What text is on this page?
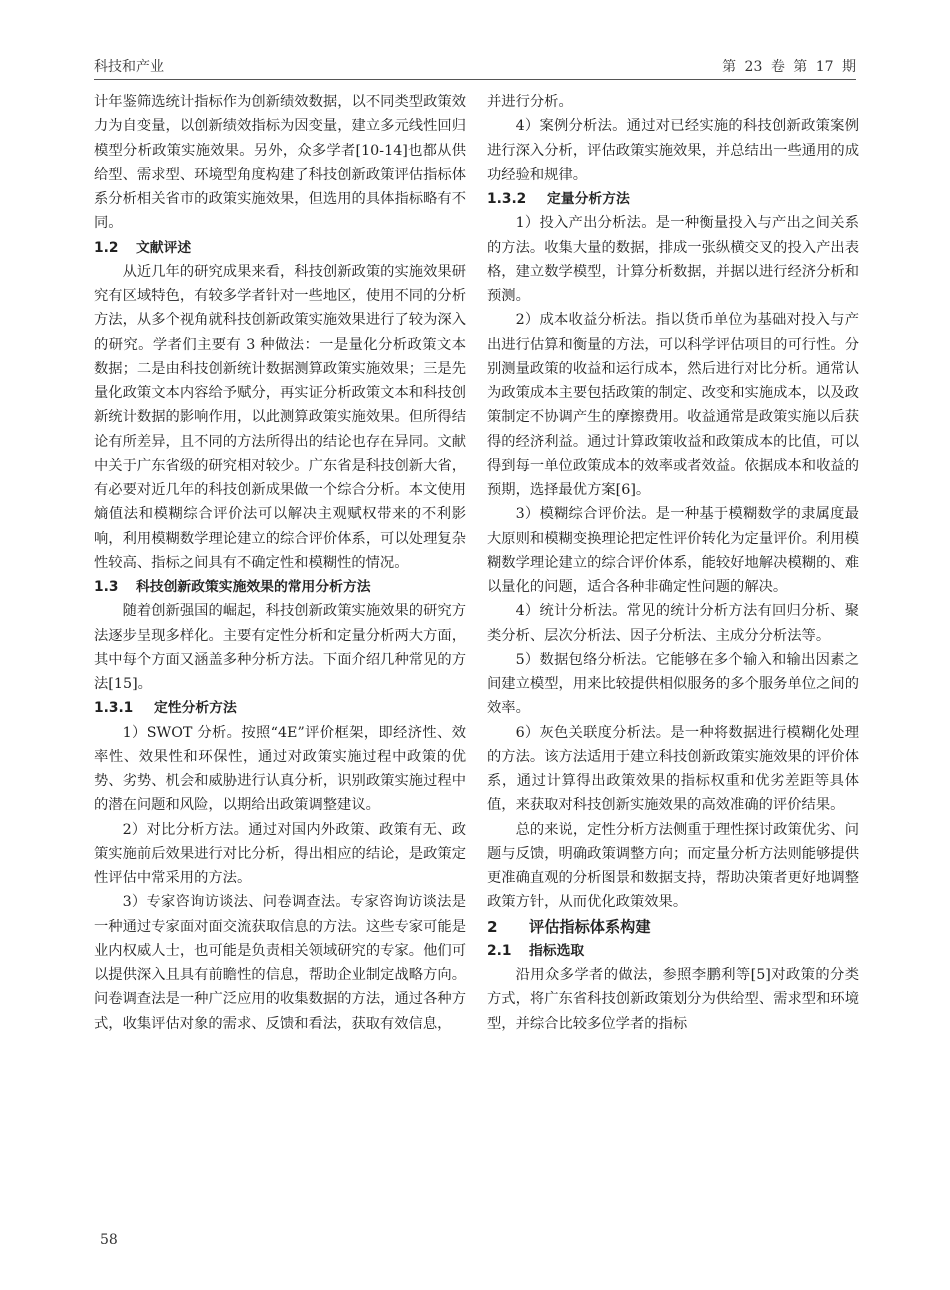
科技和产业	第 23 卷 第 17 期

计年鉴筛选统计指标作为创新绩效数据，以不同类型政策效力为自变量，以创新绩效指标为因变量，建立多元线性回归模型分析政策实施效果。另外，众多学者[10-14]也都从供给型、需求型、环境型角度构建了科技创新政策评估指标体系分析相关省市的政策实施效果，但选用的具体指标略有不同。

1.2 文献评述

从近几年的研究成果来看，科技创新政策的实施效果研究有区域特色，有较多学者针对一些地区，使用不同的分析方法，从多个视角就科技创新政策实施效果进行了较为深入的研究。学者们主要有 3 种做法：一是量化分析政策文本数据；二是由科技创新统计数据测算政策实施效果；三是先量化政策文本内容给予赋分，再实证分析政策文本和科技创新统计数据的影响作用，以此测算政策实施效果。但所得结论有所差异，且不同的方法所得出的结论也存在异同。文献中关于广东省级的研究相对较少。广东省是科技创新大省，有必要对近几年的科技创新成果做一个综合分析。本文使用熵值法和模糊综合评价法可以解决主观赋权带来的不利影响，利用模糊数学理论建立的综合评价体系，可以处理复杂性较高、指标之间具有不确定性和模糊性的情况。

1.3 科技创新政策实施效果的常用分析方法

随着创新强国的崛起，科技创新政策实施效果的研究方法逐步呈现多样化。主要有定性分析和定量分析两大方面，其中每个方面又涵盖多种分析方法。下面介绍几种常见的方法[15]。

1.3.1 定性分析方法

1）SWOT 分析。按照“4E”评价框架，即经济性、效率性、效果性和环保性，通过对政策实施过程中政策的优势、劣势、机会和威胁进行认真分析，识别政策实施过程中的潜在问题和风险，以期给出政策调整建议。

2）对比分析方法。通过对国内外政策、政策有无、政策实施前后效果进行对比分析，得出相应的结论，是政策定性评估中常采用的方法。

3）专家咨询访谈法、问卷调查法。专家咨询访谈法是一种通过专家面对面交流获取信息的方法。这些专家可能是业内权威人士，也可能是负责相关领域研究的专家。他们可以提供深入且具有前瞻性的信息，帮助企业制定战略方向。问卷调查法是一种广泛应用的收集数据的方法，通过各种方式，收集评估对象的需求、反馈和看法，获取有效信息，

并进行分析。

4）案例分析法。通过对已经实施的科技创新政策案例进行深入分析，评估政策实施效果，并总结出一些通用的成功经验和规律。

1.3.2 定量分析方法

1）投入产出分析法。是一种衡量投入与产出之间关系的方法。收集大量的数据，排成一张纵横交叉的投入产出表格，建立数学模型，计算分析数据，并据以进行经济分析和预测。

2）成本收益分析法。指以货币单位为基础对投入与产出进行估算和衡量的方法，可以科学评估项目的可行性。分别测量政策的收益和运行成本，然后进行对比分析。通常认为政策成本主要包括政策的制定、改变和实施成本，以及政策制定不协调产生的摩擦费用。收益通常是政策实施以后获得的经济利益。通过计算政策收益和政策成本的比值，可以得到每一单位政策成本的效率或者效益。依据成本和收益的预期，选择最优方案[6]。

3）模糊综合评价法。是一种基于模糊数学的隶属度最大原则和模糊变换理论把定性评价转化为定量评价。利用模糊数学理论建立的综合评价体系，能较好地解决模糊的、难以量化的问题，适合各种非确定性问题的解决。

4）统计分析法。常见的统计分析方法有回归分析、聚类分析、层次分析法、因子分析法、主成分分析法等。

5）数据包络分析法。它能够在多个输入和输出因素之间建立模型，用来比较提供相似服务的多个服务单位之间的效率。

6）灰色关联度分析法。是一种将数据进行模糊化处理的方法。该方法适用于建立科技创新政策实施效果的评价体系，通过计算得出政策效果的指标权重和优劣差距等具体值，来获取对科技创新实施效果的高效准确的评价结果。

总的来说，定性分析方法侧重于理性探讨政策优劣、问题与反馈，明确政策调整方向；而定量分析方法则能够提供更准确直观的分析图景和数据支持，帮助决策者更好地调整政策方针，从而优化政策效果。

2 评估指标体系构建

2.1 指标选取

沿用众多学者的做法，参照李鹏利等[5]对政策的分类方式，将广东省科技创新政策划分为供给型、需求型和环境型，并综合比较多位学者的指标

58
